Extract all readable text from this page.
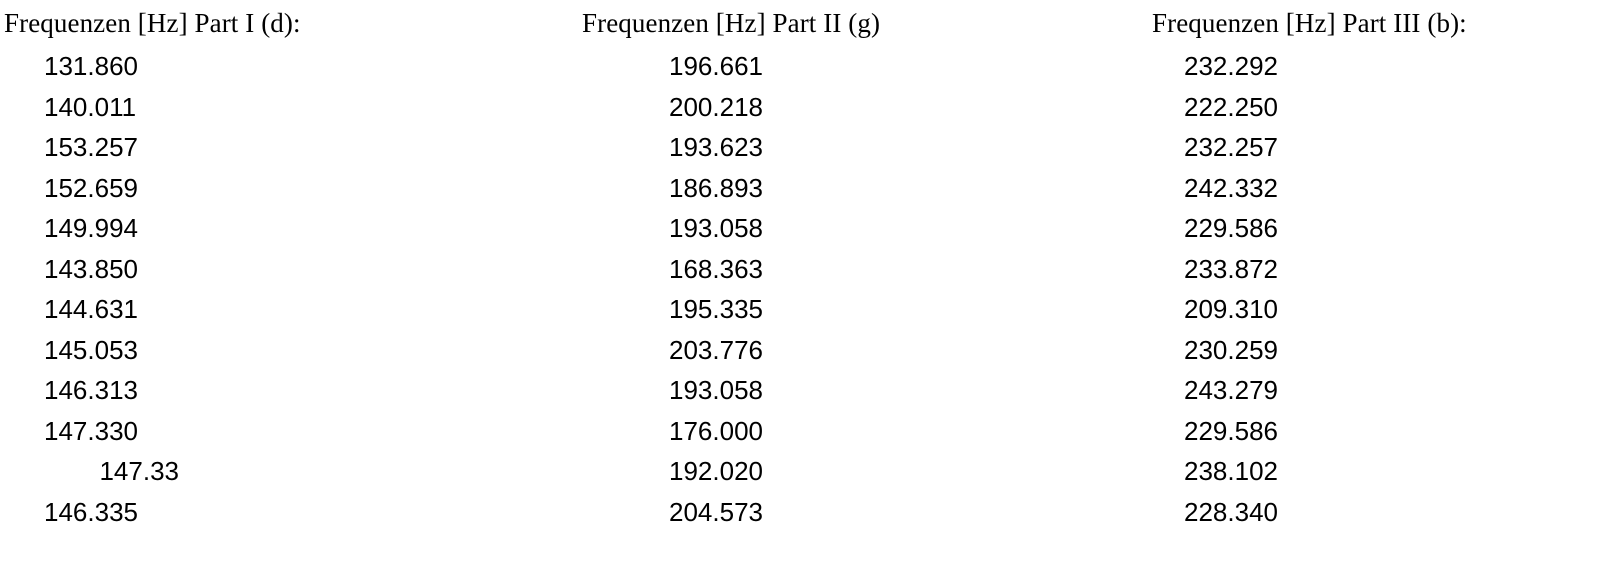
Frequenzen [Hz] Part I (d):
131.860
140.011
153.257
152.659
149.994
143.850
144.631
145.053
146.313
147.330
147.33
146.335
Frequenzen [Hz] Part II (g)
196.661
200.218
193.623
186.893
193.058
168.363
195.335
203.776
193.058
176.000
192.020
204.573
Frequenzen [Hz] Part III (b):
232.292
222.250
232.257
242.332
229.586
233.872
209.310
230.259
243.279
229.586
238.102
228.340
